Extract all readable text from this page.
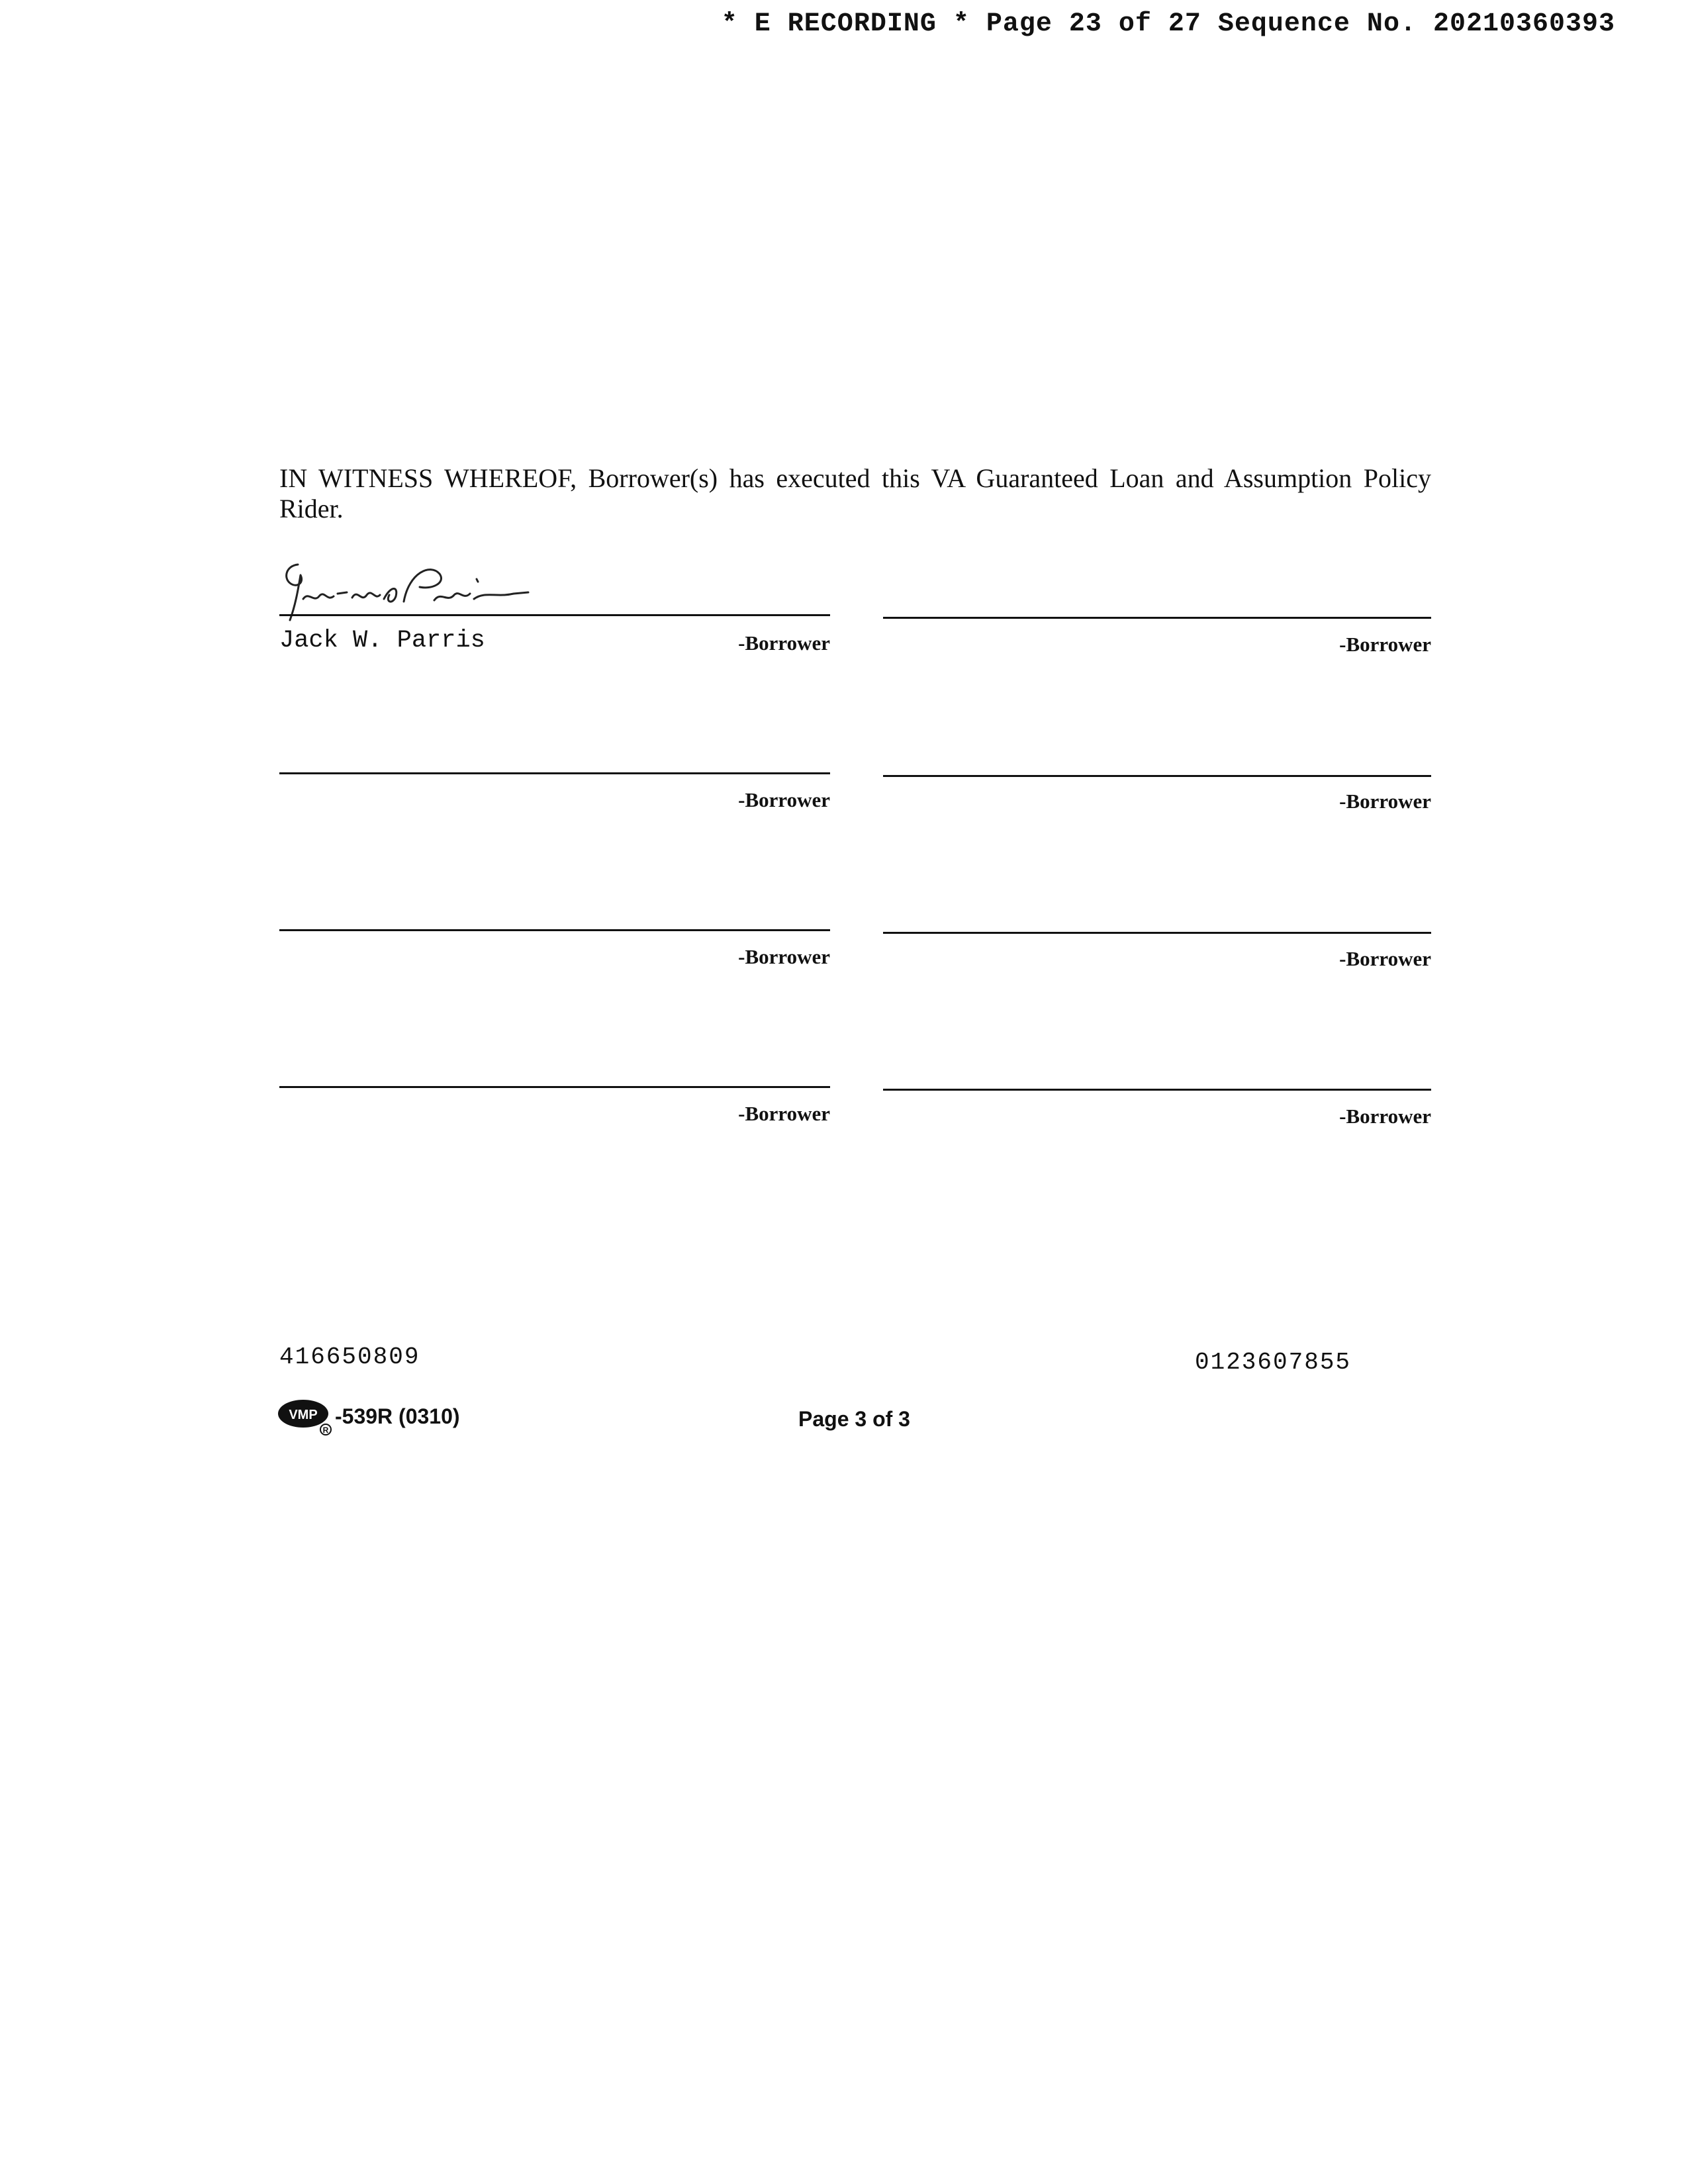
* E RECORDING * Page 23 of 27 Sequence No. 20210360393
IN WITNESS WHEREOF, Borrower(s) has executed this VA Guaranteed Loan and Assumption Policy Rider.
Jack W. Parris	-Borrower	-Borrower
-Borrower	-Borrower
-Borrower	-Borrower
-Borrower	-Borrower
416650809	0123607855
VMP
R
-539R (0310)	Page 3 of 3
